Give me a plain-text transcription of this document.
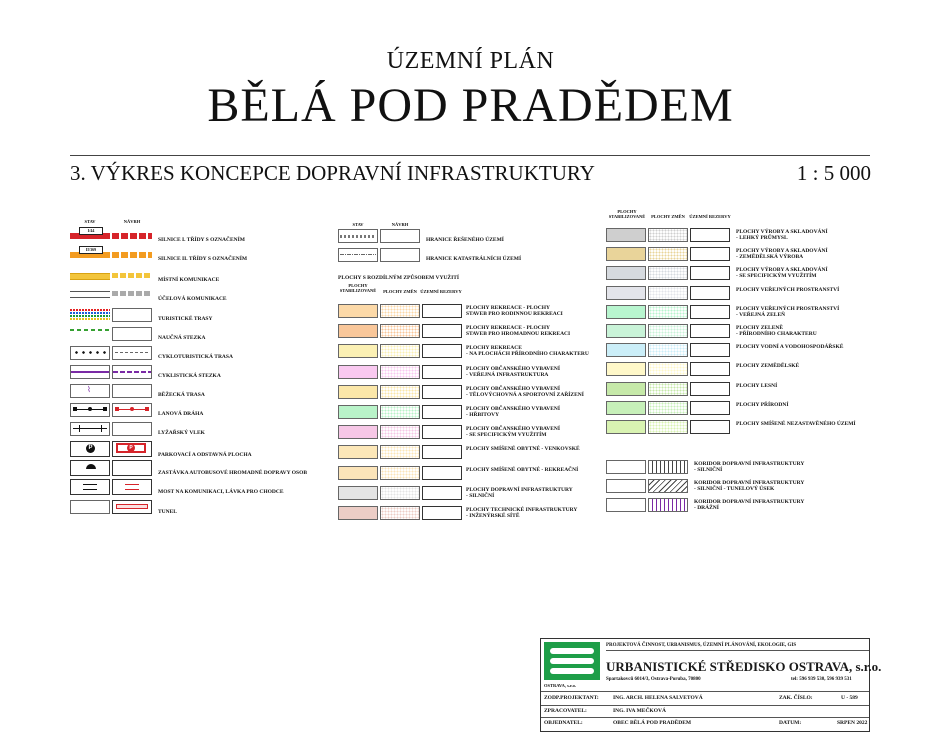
ÚZEMNÍ PLÁN
BĚLÁ POD PRADĚDEM
3. VÝKRES KONCEPCE DOPRAVNÍ INFRASTRUKTURY	1 : 5 000
STAV	NÁVRH
I/44
SILNICE I. TŘÍDY S OZNAČENÍM
II/369
SILNICE II. TŘÍDY S OZNAČENÍM
MÍSTNÍ KOMUNIKACE
ÚČELOVÁ KOMUNIKACE
TURISTICKÉ TRASY
NAUČNÁ STEZKA
CYKLOTURISTICKÁ TRASA
CYKLISTICKÁ STEZKA
⌇
BĚŽECKÁ TRASA
LANOVÁ DRÁHA
LYŽAŘSKÝ VLEK
P	P
PARKOVACÍ A ODSTAVNÁ PLOCHA
ZASTÁVKA AUTOBUSOVÉ HROMADNÉ DOPRAVY OSOB
MOST NA KOMUNIKACI, LÁVKA PRO CHODCE
TUNEL
STAV	NÁVRH
HRANICE ŘEŠENÉHO ÚZEMÍ
HRANICE KATASTRÁLNÍCH ÚZEMÍ
PLOCHY S ROZDÍLNÝM ZPŮSOBEM VYUŽITÍ
PLOCHY STABILIZOVANÉ	PLOCHY ZMĚN ÚZEMNÍ REZERVY
PLOCHY REKREACE - PLOCHY
STAVEB PRO RODINNOU REKREACI
PLOCHY REKREACE - PLOCHY
STAVEB PRO HROMADNOU REKREACI
PLOCHY REKREACE
- NA PLOCHÁCH PŘÍRODNÍHO CHARAKTERU
PLOCHY OBČANSKÉHO VYBAVENÍ
- VEŘEJNÁ INFRASTRUKTURA
PLOCHY OBČANSKÉHO VYBAVENÍ
- TĚLOVÝCHOVNÁ A SPORTOVNÍ ZAŘÍZENÍ
PLOCHY OBČANSKÉHO VYBAVENÍ
- HŘBITOVY
PLOCHY OBČANSKÉHO VYBAVENÍ
- SE SPECIFICKÝM VYUŽITÍM
PLOCHY SMÍŠENÉ OBYTNÉ - VENKOVSKÉ
PLOCHY SMÍŠENÉ OBYTNÉ - REKREAČNÍ
PLOCHY DOPRAVNÍ INFRASTRUKTURY
- SILNIČNÍ
PLOCHY TECHNICKÉ INFRASTRUKTURY
- INŽENÝRSKÉ SÍTĚ
PLOCHY STABILIZOVANÉ	PLOCHY ZMĚN ÚZEMNÍ REZERVY
PLOCHY VÝROBY A SKLADOVÁNÍ
- LEHKÝ PRŮMYSL
PLOCHY VÝROBY A SKLADOVÁNÍ
- ZEMĚDĚLSKÁ VÝROBA
PLOCHY VÝROBY A SKLADOVÁNÍ
- SE SPECIFICKÝM VYUŽITÍM
PLOCHY VEŘEJNÝCH PROSTRANSTVÍ
PLOCHY VEŘEJNÝCH PROSTRANSTVÍ
- VEŘEJNÁ ZELEŇ
PLOCHY ZELENĚ
- PŘÍRODNÍHO CHARAKTERU
PLOCHY VODNÍ A VODOHOSPODÁŘSKÉ
PLOCHY ZEMĚDĚLSKÉ
PLOCHY LESNÍ
PLOCHY PŘÍRODNÍ
PLOCHY SMÍŠENÉ NEZASTAVĚNÉHO ÚZEMÍ
KORIDOR DOPRAVNÍ INFRASTRUKTURY
- SILNIČNÍ
KORIDOR DOPRAVNÍ INFRASTRUKTURY
- SILNIČNÍ - TUNELOVÝ ÚSEK
KORIDOR DOPRAVNÍ INFRASTRUKTURY
- DRÁŽNÍ
OSTRAVA, s.r.o.
PROJEKTOVÁ ČINNOST, URBANISMUS, ÚZEMNÍ PLÁNOVÁNÍ, EKOLOGIE, GIS
URBANISTICKÉ STŘEDISKO OSTRAVA, s.r.o.
Spartakovců 6014/3, Ostrava-Poruba, 70800	tel: 596 939 530, 596 939 531
ZODP.PROJEKTANT:	ING. ARCH. HELENA SALVETOVÁ	ZAK. ČÍSLO:	U - 589
ZPRACOVATEL:	ING. IVA MEČKOVÁ
OBJEDNATEL:	OBEC BĚLÁ POD PRADĚDEM	DATUM:	SRPEN 2022
